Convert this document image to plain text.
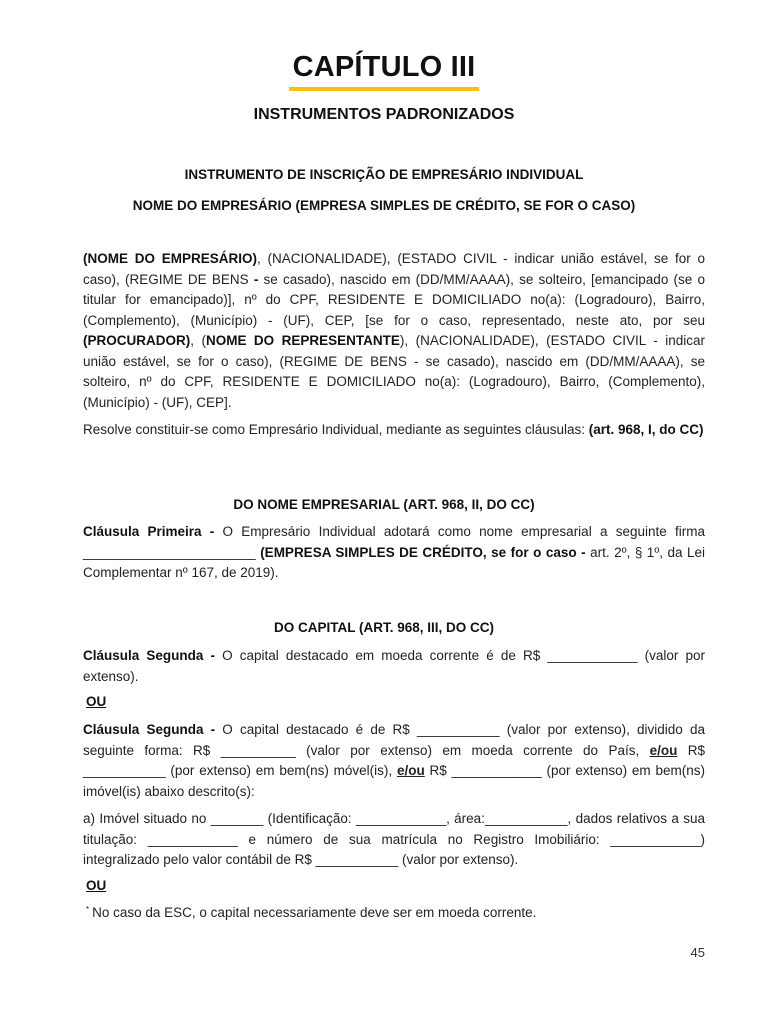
CAPÍTULO III
INSTRUMENTOS PADRONIZADOS
INSTRUMENTO DE INSCRIÇÃO DE EMPRESÁRIO INDIVIDUAL
NOME DO EMPRESÁRIO (EMPRESA SIMPLES DE CRÉDITO, SE FOR O CASO)
(NOME DO EMPRESÁRIO), (NACIONALIDADE), (ESTADO CIVIL - indicar união estável, se for o caso), (REGIME DE BENS - se casado), nascido em (DD/MM/AAAA), se solteiro, [emancipado (se o titular for emancipado)], nº do CPF, RESIDENTE E DOMICILIADO no(a): (Logradouro), Bairro, (Complemento), (Município) - (UF), CEP, [se for o caso, representado, neste ato, por seu (PROCURADOR), (NOME DO REPRESENTANTE), (NACIONALIDADE), (ESTADO CIVIL - indicar união estável, se for o caso), (REGIME DE BENS - se casado), nascido em (DD/MM/AAAA), se solteiro, nº do CPF, RESIDENTE E DOMICILIADO no(a): (Logradouro), Bairro, (Complemento), (Município) - (UF), CEP].
Resolve constituir-se como Empresário Individual, mediante as seguintes cláusulas: (art. 968, I, do CC)
DO NOME EMPRESARIAL (ART. 968, II, DO CC)
Cláusula Primeira - O Empresário Individual adotará como nome empresarial a seguinte firma _______________________ (EMPRESA SIMPLES DE CRÉDITO, se for o caso - art. 2º, § 1º, da Lei Complementar nº 167, de 2019).
DO CAPITAL (ART. 968, III, DO CC)
Cláusula Segunda - O capital destacado em moeda corrente é de R$ ____________ (valor por extenso).
OU
Cláusula Segunda - O capital destacado é de R$ ___________ (valor por extenso), dividido da seguinte forma: R$ __________ (valor por extenso) em moeda corrente do País, e/ou R$ ___________ (por extenso) em bem(ns) móvel(is), e/ou R$ ____________ (por extenso) em bem(ns) imóvel(is) abaixo descrito(s):
a) Imóvel situado no _______ (Identificação: ____________, área:___________, dados relativos a sua titulação: ____________ e número de sua matrícula no Registro Imobiliário: ____________) integralizado pelo valor contábil de R$ ___________ (valor por extenso).
OU
* No caso da ESC, o capital necessariamente deve ser em moeda corrente.
45
